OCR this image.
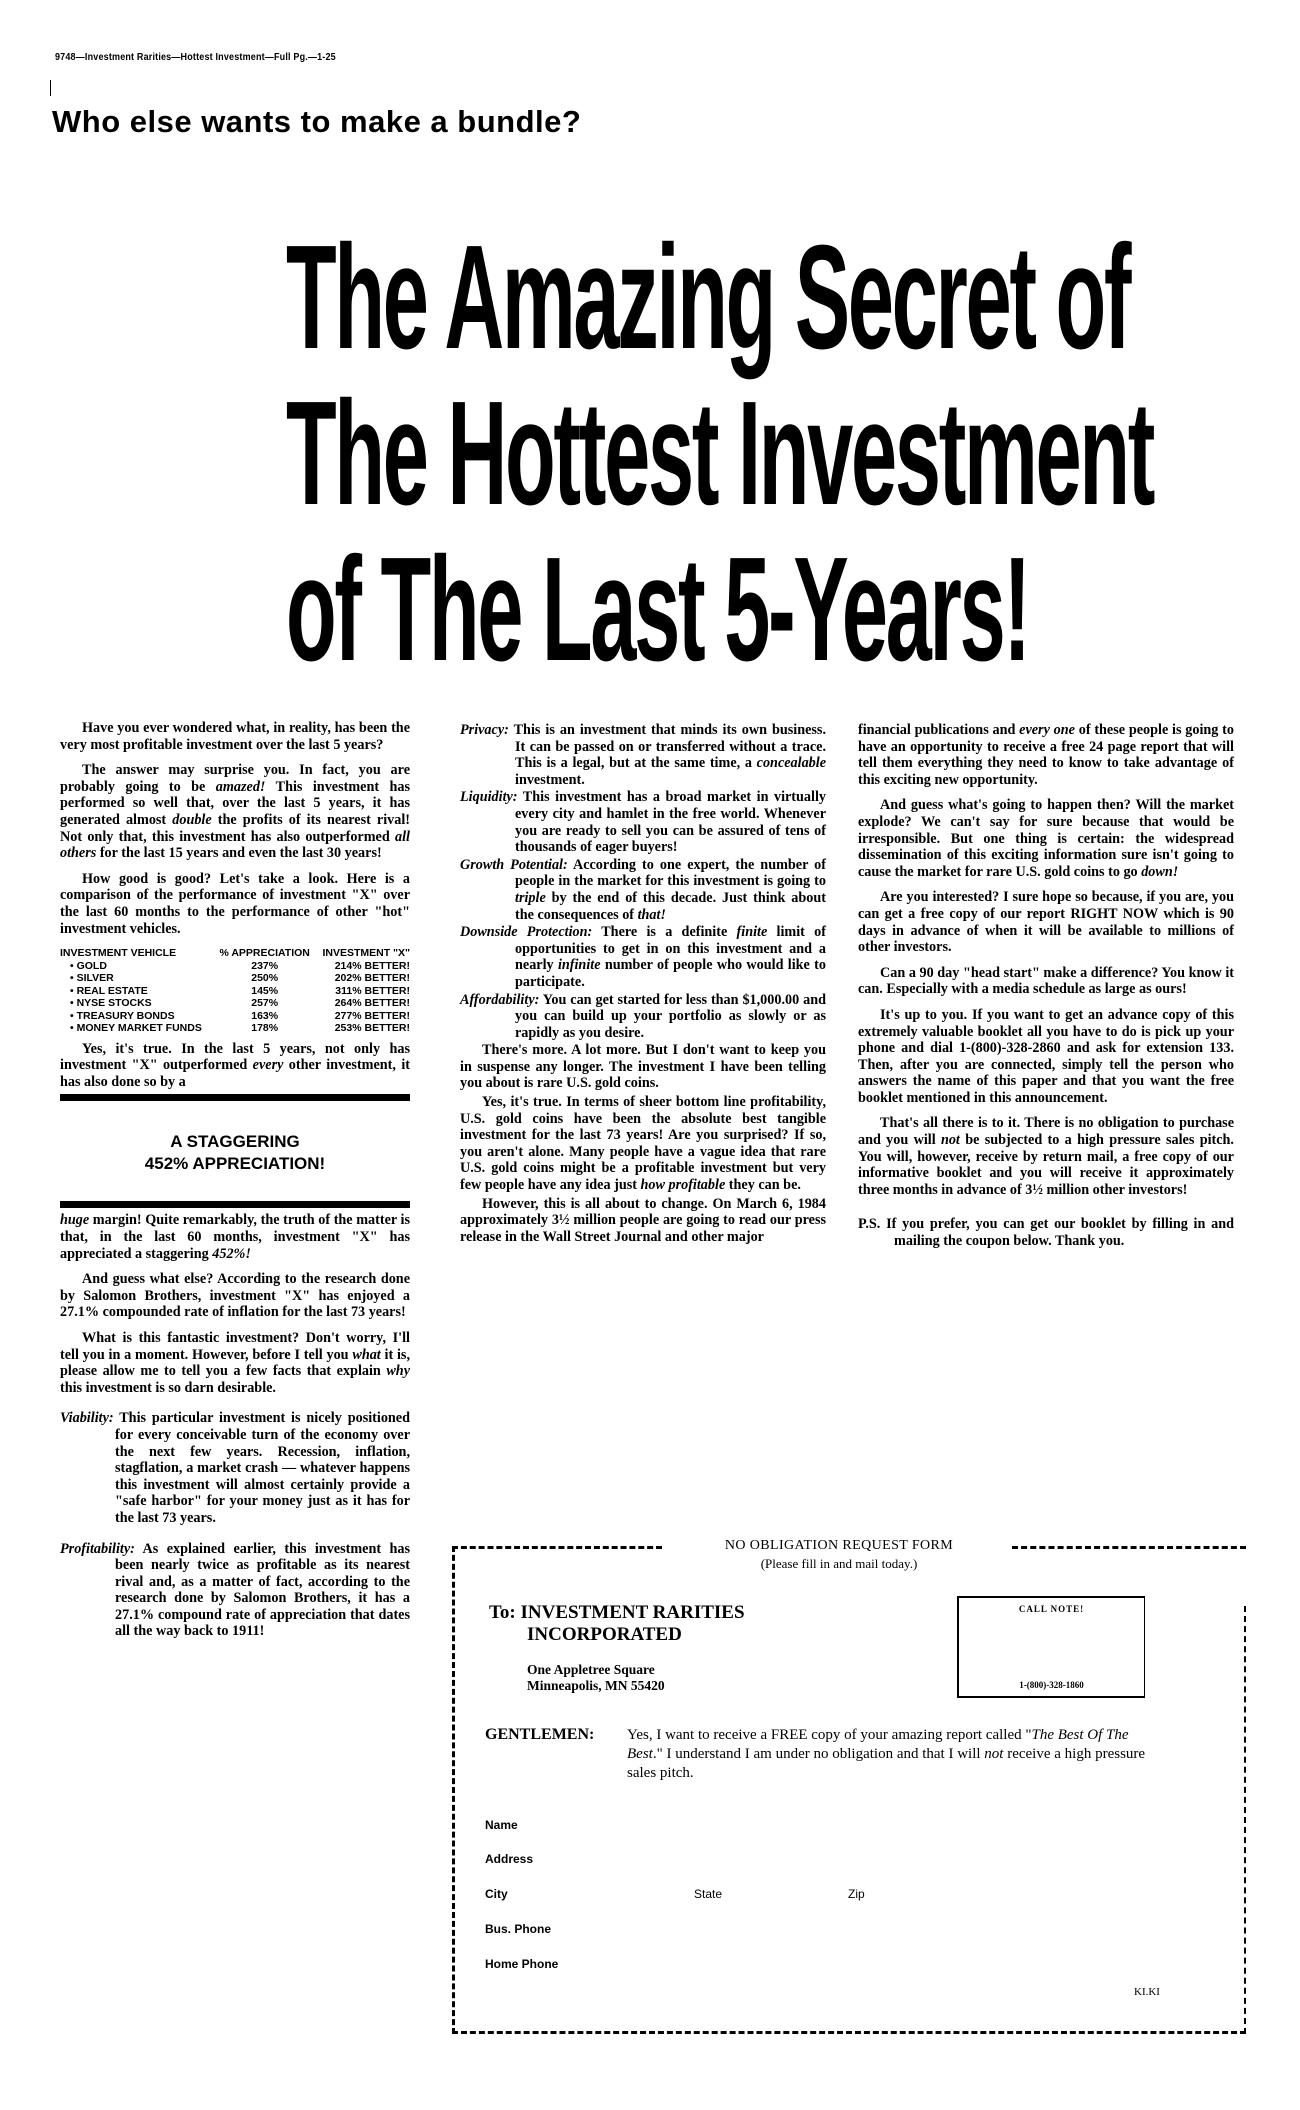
9748—Investment Rarities—Hottest Investment—Full Pg.—1-25
Who else wants to make a bundle?
The Amazing Secret of
The Hottest Investment
of The Last 5-Years!

Have you ever wondered what, in reality, has been the very most profitable investment over the last 5 years?

The answer may surprise you. In fact, you are probably going to be amazed! This investment has performed so well that, over the last 5 years, it has generated almost double the profits of its nearest rival! Not only that, this investment has also outperformed all others for the last 15 years and even the last 30 years!

How good is good? Let's take a look. Here is a comparison of the performance of investment "X" over the last 60 months to the performance of other "hot" investment vehicles.

INVESTMENT VEHICLE	% APPRECIATION	INVESTMENT "X"
• GOLD	237%	214% BETTER!
• SILVER	250%	202% BETTER!
• REAL ESTATE	145%	311% BETTER!
• NYSE STOCKS	257%	264% BETTER!
• TREASURY BONDS	163%	277% BETTER!
• MONEY MARKET FUNDS	178%	253% BETTER!

Yes, it's true. In the last 5 years, not only has investment "X" outperformed every other investment, it has also done so by a

A STAGGERING
452% APPRECIATION!

huge margin! Quite remarkably, the truth of the matter is that, in the last 60 months, investment "X" has appreciated a staggering 452%!

And guess what else? According to the research done by Salomon Brothers, investment "X" has enjoyed a 27.1% compounded rate of inflation for the last 73 years!

What is this fantastic investment? Don't worry, I'll tell you in a moment. However, before I tell you what it is, please allow me to tell you a few facts that explain why this investment is so darn desirable.

Viability: This particular investment is nicely positioned for every conceivable turn of the economy over the next few years. Recession, inflation, stagflation, a market crash — whatever happens this investment will almost certainly provide a "safe harbor" for your money just as it has for the last 73 years.
Profitability: As explained earlier, this investment has been nearly twice as profitable as its nearest rival and, as a matter of fact, according to the research done by Salomon Brothers, it has a 27.1% compound rate of appreciation that dates all the way back to 1911!
Privacy: This is an investment that minds its own business. It can be passed on or transferred without a trace. This is a legal, but at the same time, a concealable investment.
Liquidity: This investment has a broad market in virtually every city and hamlet in the free world. Whenever you are ready to sell you can be assured of tens of thousands of eager buyers!
Growth Potential: According to one expert, the number of people in the market for this investment is going to triple by the end of this decade. Just think about the consequences of that!
Downside Protection: There is a definite finite limit of opportunities to get in on this investment and a nearly infinite number of people who would like to participate.
Affordability: You can get started for less than $1,000.00 and you can build up your portfolio as slowly or as rapidly as you desire.

There's more. A lot more. But I don't want to keep you in suspense any longer. The investment I have been telling you about is rare U.S. gold coins.

Yes, it's true. In terms of sheer bottom line profitability, U.S. gold coins have been the absolute best tangible investment for the last 73 years! Are you surprised? If so, you aren't alone. Many people have a vague idea that rare U.S. gold coins might be a profitable investment but very few people have any idea just how profitable they can be.

However, this is all about to change. On March 6, 1984 approximately 3½ million people are going to read our press release in the Wall Street Journal and other major

financial publications and every one of these people is going to have an opportunity to receive a free 24 page report that will tell them everything they need to know to take advantage of this exciting new opportunity.

And guess what's going to happen then? Will the market explode? We can't say for sure because that would be irresponsible. But one thing is certain: the widespread dissemination of this exciting information sure isn't going to cause the market for rare U.S. gold coins to go down!

Are you interested? I sure hope so because, if you are, you can get a free copy of our report RIGHT NOW which is 90 days in advance of when it will be available to millions of other investors.

Can a 90 day "head start" make a difference? You know it can. Especially with a media schedule as large as ours!

It's up to you. If you want to get an advance copy of this extremely valuable booklet all you have to do is pick up your phone and dial 1-(800)-328-2860 and ask for extension 133. Then, after you are connected, simply tell the person who answers the name of this paper and that you want the free booklet mentioned in this announcement.

That's all there is to it. There is no obligation to purchase and you will not be subjected to a high pressure sales pitch. You will, however, receive by return mail, a free copy of our informative booklet and you will receive it approximately three months in advance of 3½ million other investors!

P.S. If you prefer, you can get our booklet by filling in and mailing the coupon below. Thank you.
NO OBLIGATION REQUEST FORM
(Please fill in and mail today.)
To: INVESTMENT RARITIES
INCORPORATED
One Appletree Square
Minneapolis, MN 55420
CALL NOTE!
1-(800)-328-1860
GENTLEMEN: Yes, I want to receive a FREE copy of your amazing report called "The Best Of The Best." I understand I am under no obligation and that I will not receive a high pressure sales pitch.
Name
Address
City	State	Zip
Bus. Phone
Home Phone
KI.KI
